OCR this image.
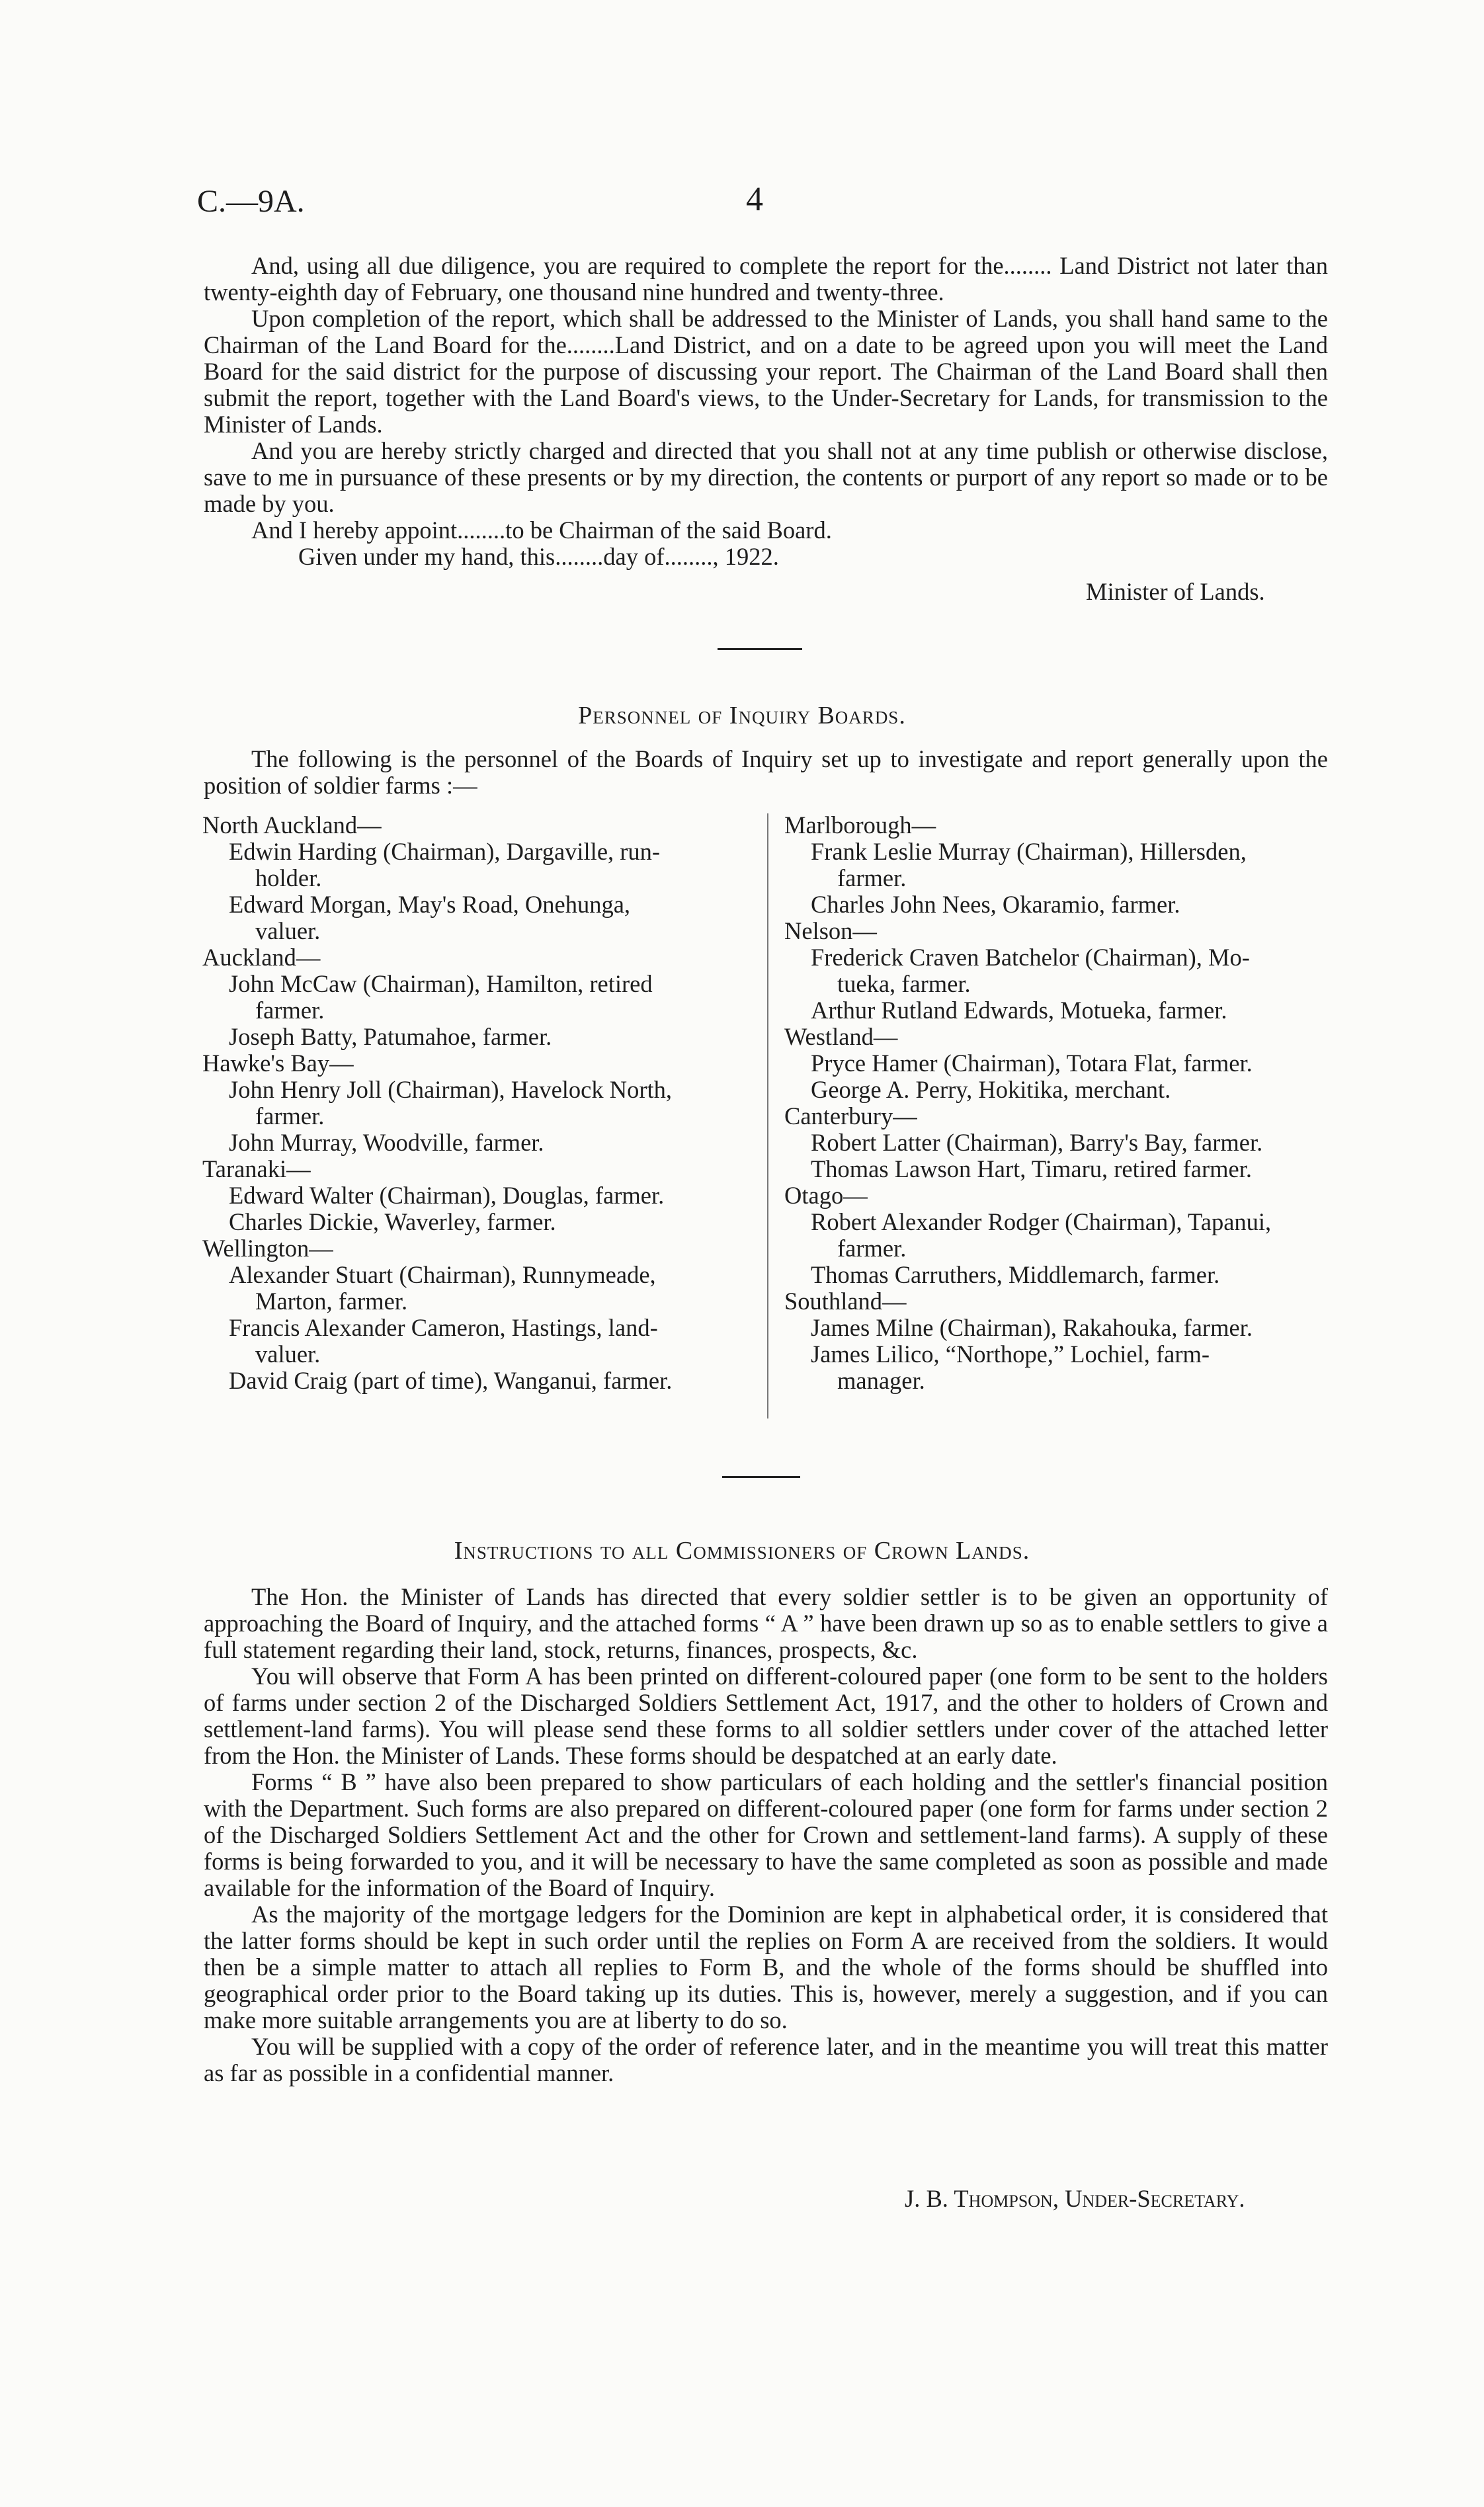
C.—9A.	4

And, using all due diligence, you are required to complete the report for the........ Land District not later than twenty-eighth day of February, one thousand nine hundred and twenty-three.

Upon completion of the report, which shall be addressed to the Minister of Lands, you shall hand same to the Chairman of the Land Board for the........Land District, and on a date to be agreed upon you will meet the Land Board for the said district for the purpose of discussing your report. The Chairman of the Land Board shall then submit the report, together with the Land Board's views, to the Under-Secretary for Lands, for transmission to the Minister of Lands.

And you are hereby strictly charged and directed that you shall not at any time publish or otherwise disclose, save to me in pursuance of these presents or by my direction, the contents or purport of any report so made or to be made by you.

And I hereby appoint........to be Chairman of the said Board.

Given under my hand, this........day of........, 1922.

Minister of Lands.
Personnel of Inquiry Boards.

The following is the personnel of the Boards of Inquiry set up to investigate and report generally upon the position of soldier farms :—

North Auckland—

Edwin Harding (Chairman), Dargaville, run-
holder.

Edward Morgan, May's Road, Onehunga,
valuer.

Auckland—

John McCaw (Chairman), Hamilton, retired
farmer.

Joseph Batty, Patumahoe, farmer.

Hawke's Bay—

John Henry Joll (Chairman), Havelock North,
farmer.

John Murray, Woodville, farmer.

Taranaki—

Edward Walter (Chairman), Douglas, farmer.

Charles Dickie, Waverley, farmer.

Wellington—

Alexander Stuart (Chairman), Runnymeade,
Marton, farmer.

Francis Alexander Cameron, Hastings, land-
valuer.

David Craig (part of time), Wanganui, farmer.

Marlborough—

Frank Leslie Murray (Chairman), Hillersden,
farmer.

Charles John Nees, Okaramio, farmer.

Nelson—

Frederick Craven Batchelor (Chairman), Mo-
tueka, farmer.

Arthur Rutland Edwards, Motueka, farmer.

Westland—

Pryce Hamer (Chairman), Totara Flat, farmer.

George A. Perry, Hokitika, merchant.

Canterbury—

Robert Latter (Chairman), Barry's Bay, farmer.

Thomas Lawson Hart, Timaru, retired farmer.

Otago—

Robert Alexander Rodger (Chairman), Tapanui,
farmer.

Thomas Carruthers, Middlemarch, farmer.

Southland—

James Milne (Chairman), Rakahouka, farmer.

James Lilico, “Northope,” Lochiel, farm-
manager.

Instructions to all Commissioners of Crown Lands.

The Hon. the Minister of Lands has directed that every soldier settler is to be given an opportunity of approaching the Board of Inquiry, and the attached forms “ A ” have been drawn up so as to enable settlers to give a full statement regarding their land, stock, returns, finances, prospects, &c.

You will observe that Form A has been printed on different-coloured paper (one form to be sent to the holders of farms under section 2 of the Discharged Soldiers Settlement Act, 1917, and the other to holders of Crown and settlement-land farms). You will please send these forms to all soldier settlers under cover of the attached letter from the Hon. the Minister of Lands. These forms should be despatched at an early date.

Forms “ B ” have also been prepared to show particulars of each holding and the settler's financial position with the Department. Such forms are also prepared on different-coloured paper (one form for farms under section 2 of the Discharged Soldiers Settlement Act and the other for Crown and settlement-land farms). A supply of these forms is being forwarded to you, and it will be necessary to have the same completed as soon as possible and made available for the information of the Board of Inquiry.

As the majority of the mortgage ledgers for the Dominion are kept in alphabetical order, it is considered that the latter forms should be kept in such order until the replies on Form A are received from the soldiers. It would then be a simple matter to attach all replies to Form B, and the whole of the forms should be shuffled into geographical order prior to the Board taking up its duties. This is, however, merely a suggestion, and if you can make more suitable arrangements you are at liberty to do so.

You will be supplied with a copy of the order of reference later, and in the meantime you will treat this matter as far as possible in a confidential manner.

J. B. Thompson, Under-Secretary.
